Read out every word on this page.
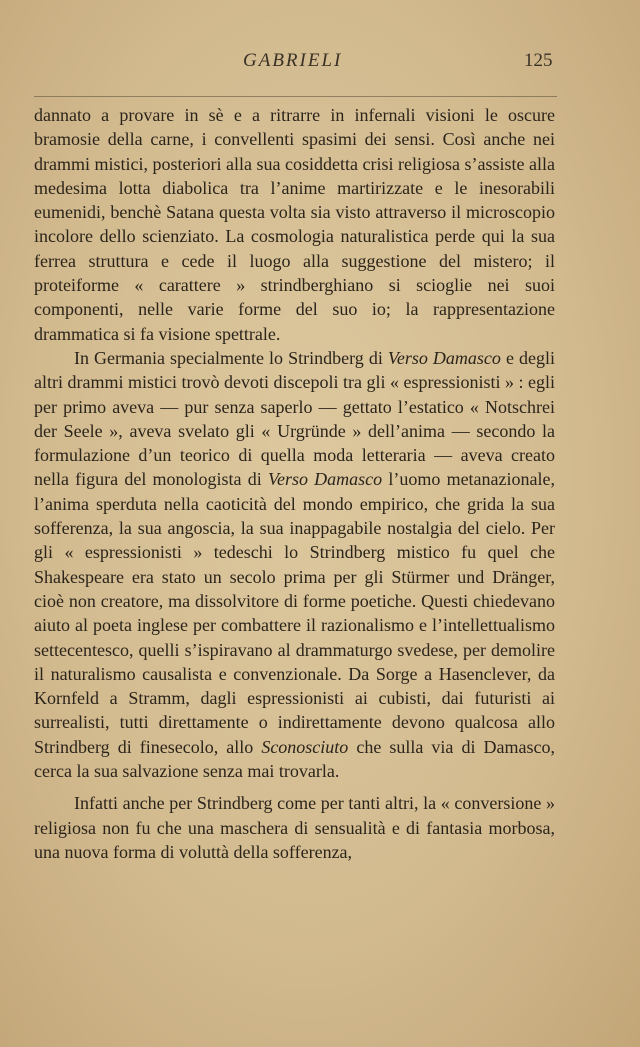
GABRIELI	125

dannato a provare in sè e a ritrarre in infernali visioni le oscure bramosie della carne, i convellenti spasimi dei sensi. Così anche nei drammi mistici, posteriori alla sua cosiddetta crisi religiosa s’assiste alla medesima lotta diabolica tra l’anime martirizzate e le inesorabili eumenidi, benchè Satana questa volta sia visto attraverso il microscopio incolore dello scienziato. La cosmologia naturalistica perde qui la sua ferrea struttura e cede il luogo alla suggestione del mistero; il proteiforme « carattere » strindberghiano si scioglie nei suoi componenti, nelle varie forme del suo io; la rappresentazione drammatica si fa visione spettrale.

In Germania specialmente lo Strindberg di Verso Damasco e degli altri drammi mistici trovò devoti discepoli tra gli « espressionisti » : egli per primo aveva — pur senza saperlo — gettato l’estatico « Notschrei der Seele », aveva svelato gli « Urgründe » dell’anima — secondo la formulazione d’un teorico di quella moda letteraria — aveva creato nella figura del monologista di Verso Damasco l’uomo metanazionale, l’anima sperduta nella caoticità del mondo empirico, che grida la sua sofferenza, la sua angoscia, la sua inappagabile nostalgia del cielo. Per gli « espressionisti » tedeschi lo Strindberg mistico fu quel che Shakespeare era stato un secolo prima per gli Stürmer und Dränger, cioè non creatore, ma dissolvitore di forme poetiche. Questi chiedevano aiuto al poeta inglese per combattere il razionalismo e l’intellettualismo settecentesco, quelli s’ispiravano al drammaturgo svedese, per demolire il naturalismo causalista e convenzionale. Da Sorge a Hasenclever, da Kornfeld a Stramm, dagli espressionisti ai cubisti, dai futuristi ai surrealisti, tutti direttamente o indirettamente devono qualcosa allo Strindberg di finesecolo, allo Sconosciuto che sulla via di Damasco, cerca la sua salvazione senza mai trovarla.

Infatti anche per Strindberg come per tanti altri, la « conversione » religiosa non fu che una maschera di sensualità e di fantasia morbosa, una nuova forma di voluttà della sofferenza,
